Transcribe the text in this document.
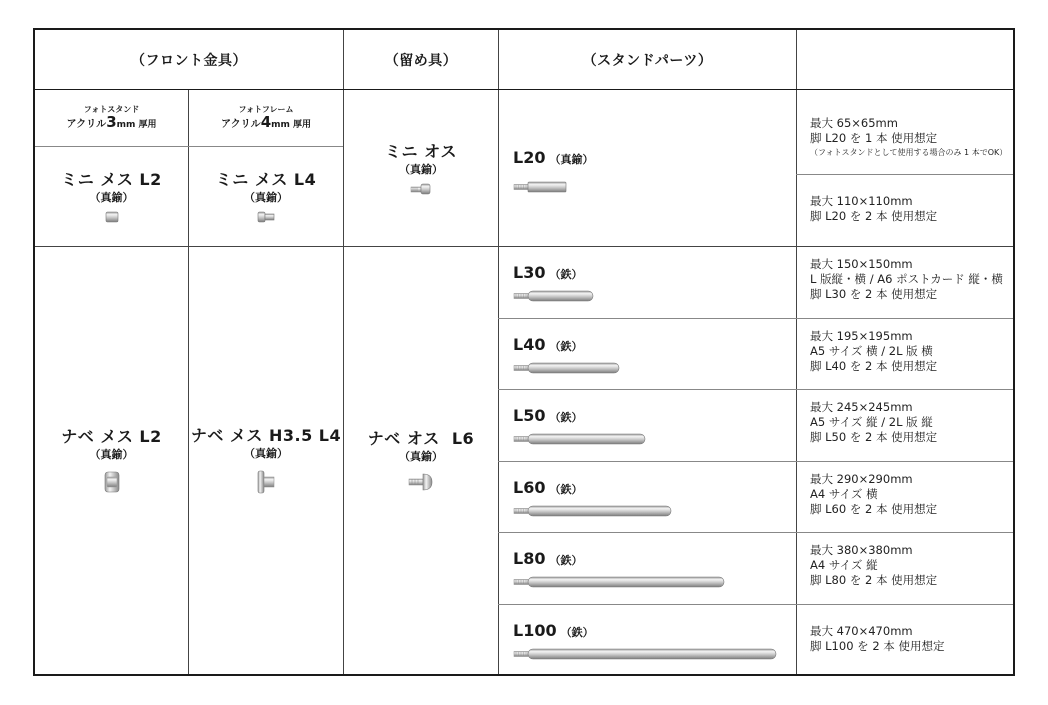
（フロント金具）	（留め具）	（スタンドパーツ）
フォトスタンド
アクリル3mm 厚用
フォトフレーム
アクリル4mm 厚用
ミニ メス L2
（真鍮）
ミニ メス L4
（真鍮）
ミニ オス
（真鍮）
ナベ メス L2
（真鍮）
ナベ メス H3.5 L4
（真鍮）
ナベ オス  L6
（真鍮）
L20 （真鍮）
L30 （鉄）
L40 （鉄）
L50 （鉄）
L60 （鉄）
L80 （鉄）
L100 （鉄）
最大 65×65mm
脚 L20 を 1 本 使用想定
（フォトスタンドとして使用する場合のみ 1 本でOK）
最大 110×110mm
脚 L20 を 2 本 使用想定
最大 150×150mm
L 版縦・横 / A6 ポストカード 縦・横
脚 L30 を 2 本 使用想定
最大 195×195mm
A5 サイズ 横 / 2L 版 横
脚 L40 を 2 本 使用想定
最大 245×245mm
A5 サイズ 縦 / 2L 版 縦
脚 L50 を 2 本 使用想定
最大 290×290mm
A4 サイズ 横
脚 L60 を 2 本 使用想定
最大 380×380mm
A4 サイズ 縦
脚 L80 を 2 本 使用想定
最大 470×470mm
脚 L100 を 2 本 使用想定
